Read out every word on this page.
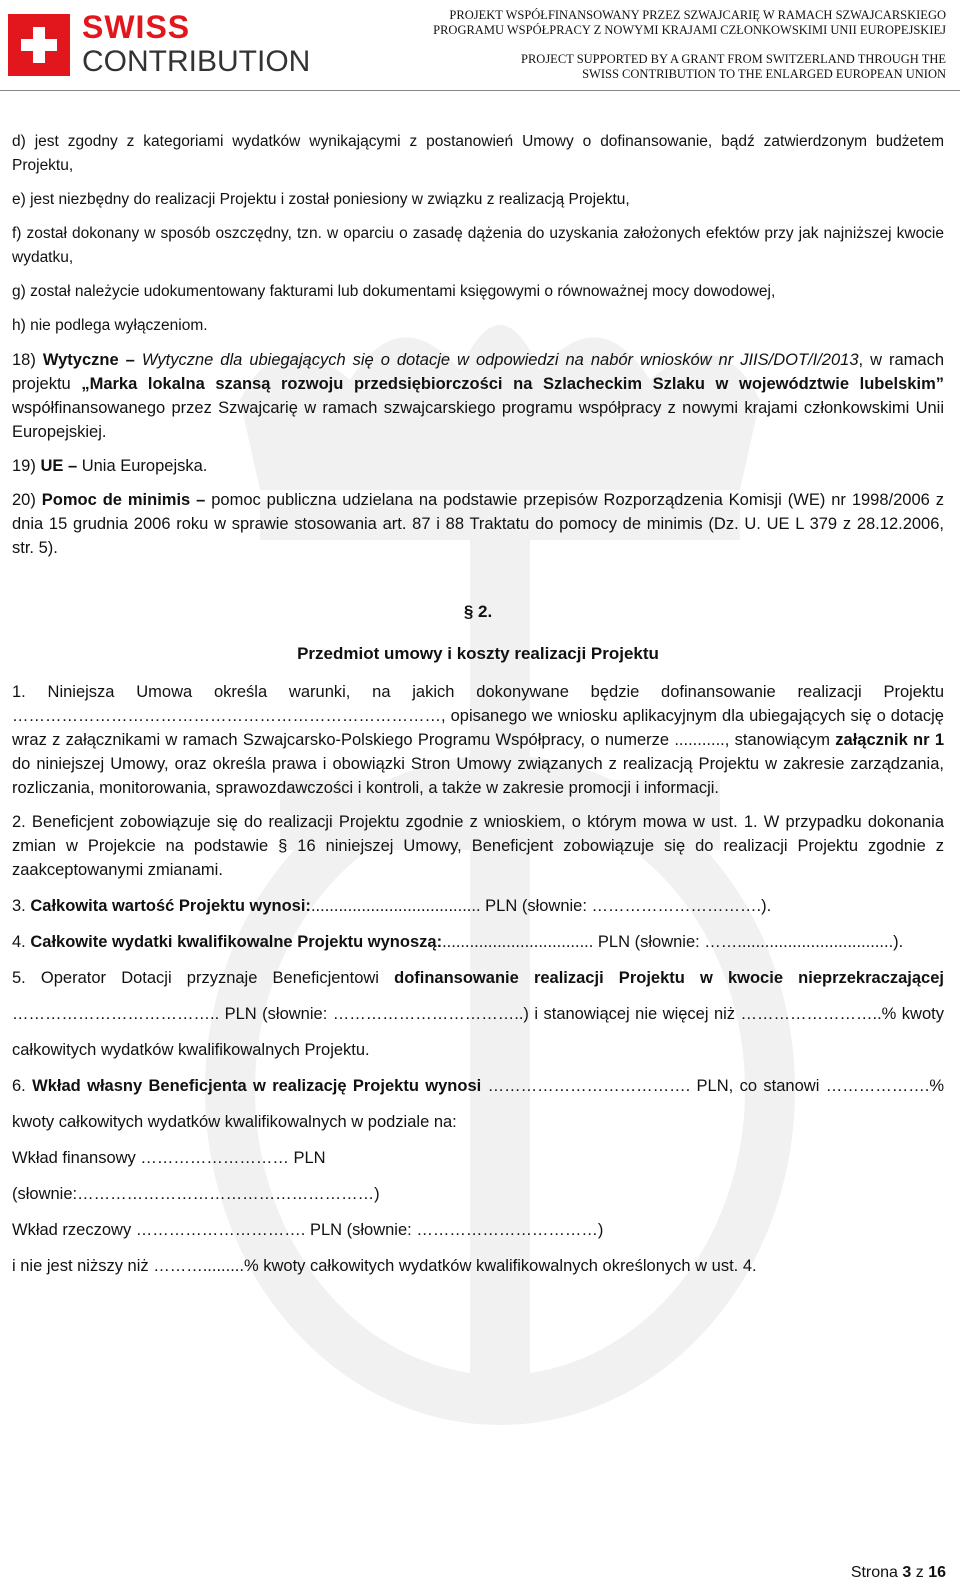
SWISS
CONTRIBUTION
PROJEKT WSPÓŁFINANSOWANY PRZEZ SZWAJCARIĘ W RAMACH SZWAJCARSKIEGO
PROGRAMU WSPÓŁPRACY Z NOWYMI KRAJAMI CZŁONKOWSKIMI UNII EUROPEJSKIEJ
PROJECT SUPPORTED BY A GRANT FROM SWITZERLAND THROUGH THE
SWISS CONTRIBUTION TO THE ENLARGED EUROPEAN UNION

d) jest zgodny z kategoriami wydatków wynikającymi z postanowień Umowy o dofinansowanie, bądź zatwierdzonym budżetem Projektu,

e) jest niezbędny do realizacji Projektu i został poniesiony w związku z realizacją Projektu,

f) został dokonany w sposób oszczędny, tzn. w oparciu o zasadę dążenia do uzyskania założonych efektów przy jak najniższej kwocie wydatku,

g) został należycie udokumentowany fakturami lub dokumentami księgowymi o równoważnej mocy dowodowej,

h) nie podlega wyłączeniom.

18) Wytyczne – Wytyczne dla ubiegających się o dotacje w odpowiedzi na nabór wniosków nr JIIS/DOT/I/2013, w ramach projektu „Marka lokalna szansą rozwoju przedsiębiorczości na Szlacheckim Szlaku w województwie lubelskim” współfinansowanego przez Szwajcarię w ramach szwajcarskiego programu współpracy z nowymi krajami członkowskimi Unii Europejskiej.

19) UE – Unia Europejska.

20) Pomoc de minimis – pomoc publiczna udzielana na podstawie przepisów Rozporządzenia Komisji (WE) nr 1998/2006 z dnia 15 grudnia 2006 roku w sprawie stosowania art. 87 i 88 Traktatu do pomocy de minimis (Dz. U. UE L 379 z 28.12.2006, str. 5).

§ 2.

Przedmiot umowy i koszty realizacji Projektu

1. Niniejsza Umowa określa warunki, na jakich dokonywane będzie dofinansowanie realizacji Projektu ……………………………………………………………………, opisanego we wniosku aplikacyjnym dla ubiegających się o dotację wraz z załącznikami w ramach Szwajcarsko-Polskiego Programu Współpracy, o numerze ..........., stanowiącym załącznik nr 1 do niniejszej Umowy, oraz określa prawa i obowiązki Stron Umowy związanych z realizacją Projektu w zakresie zarządzania, rozliczania, monitorowania, sprawozdawczości i kontroli, a także w zakresie promocji i informacji.

2. Beneficjent zobowiązuje się do realizacji Projektu zgodnie z wnioskiem, o którym mowa w ust. 1. W przypadku dokonania zmian w Projekcie na podstawie § 16 niniejszej Umowy, Beneficjent zobowiązuje się do realizacji Projektu zgodnie z zaakceptowanymi zmianami.

3. Całkowita wartość Projektu wynosi:..................................... PLN (słownie: ………………………….).

4. Całkowite wydatki kwalifikowalne Projektu wynoszą:................................. PLN (słownie: ……..................................).

5. Operator Dotacji przyznaje Beneficjentowi dofinansowanie realizacji Projektu w kwocie nieprzekraczającej ……………………………….. PLN (słownie: ……………………………..) i stanowiącej nie więcej niż ……………………..% kwoty całkowitych wydatków kwalifikowalnych Projektu.

6. Wkład własny Beneficjenta w realizację Projektu wynosi ………………………………. PLN, co stanowi ……………….% kwoty całkowitych wydatków kwalifikowalnych w podziale na:

Wkład finansowy ……………………… PLN

(słownie:………………………………………………)

Wkład rzeczowy …………………………. PLN (słownie: ……………………………)

i nie jest niższy niż ……….........% kwoty całkowitych wydatków kwalifikowalnych określonych w ust. 4.

Strona 3 z 16
